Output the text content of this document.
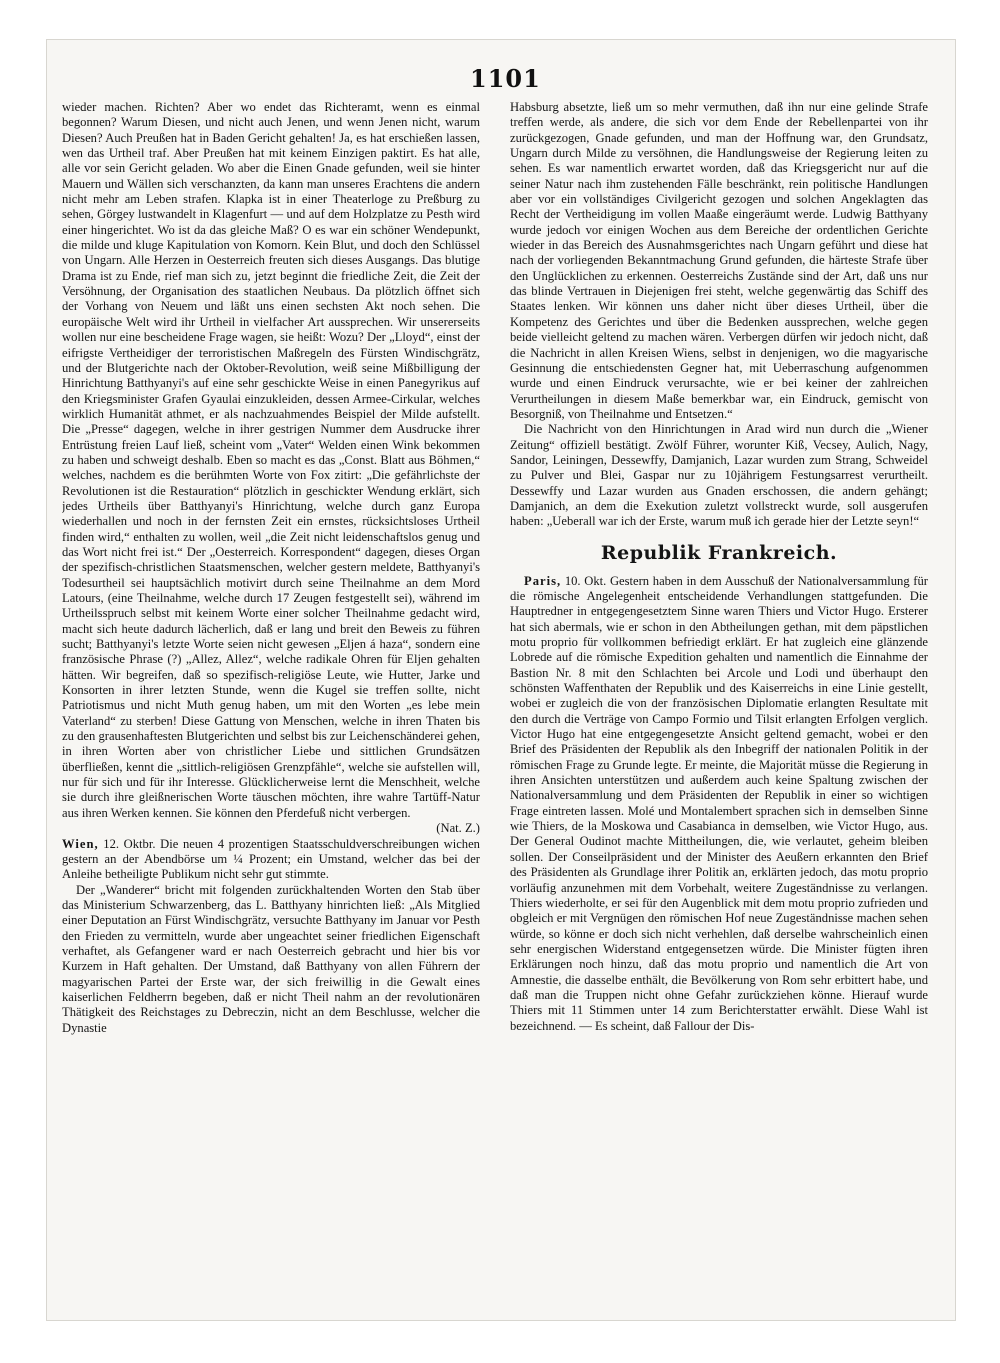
1101

wieder machen. Richten? Aber wo endet das Richteramt, wenn es einmal begonnen? Warum Diesen, und nicht auch Jenen, und wenn Jenen nicht, warum Diesen? Auch Preußen hat in Baden Gericht gehalten! Ja, es hat erschießen lassen, wen das Urtheil traf. Aber Preußen hat mit keinem Einzigen paktirt. Es hat alle, alle vor sein Gericht geladen. Wo aber die Einen Gnade gefunden, weil sie hinter Mauern und Wällen sich verschanzten, da kann man unseres Erachtens die andern nicht mehr am Leben strafen. Klapka ist in einer Theaterloge zu Preßburg zu sehen, Görgey lustwandelt in Klagenfurt — und auf dem Holzplatze zu Pesth wird einer hingerichtet. Wo ist da das gleiche Maß? O es war ein schöner Wendepunkt, die milde und kluge Kapitulation von Komorn. Kein Blut, und doch den Schlüssel von Ungarn. Alle Herzen in Oesterreich freuten sich dieses Ausgangs. Das blutige Drama ist zu Ende, rief man sich zu, jetzt beginnt die friedliche Zeit, die Zeit der Versöhnung, der Organisation des staatlichen Neubaus. Da plötzlich öffnet sich der Vorhang von Neuem und läßt uns einen sechsten Akt noch sehen. Die europäische Welt wird ihr Urtheil in vielfacher Art aussprechen. Wir unsererseits wollen nur eine bescheidene Frage wagen, sie heißt: Wozu? Der „Lloyd“, einst der eifrigste Vertheidiger der terroristischen Maßregeln des Fürsten Windischgrätz, und der Blutgerichte nach der Oktober-Revolution, weiß seine Mißbilligung der Hinrichtung Batthyanyi's auf eine sehr geschickte Weise in einen Panegyrikus auf den Kriegsminister Grafen Gyaulai einzukleiden, dessen Armee-Cirkular, welches wirklich Humanität athmet, er als nachzuahmendes Beispiel der Milde aufstellt. Die „Presse“ dagegen, welche in ihrer gestrigen Nummer dem Ausdrucke ihrer Entrüstung freien Lauf ließ, scheint vom „Vater“ Welden einen Wink bekommen zu haben und schweigt deshalb. Eben so macht es das „Const. Blatt aus Böhmen,“ welches, nachdem es die berühmten Worte von Fox zitirt: „Die gefährlichste der Revolutionen ist die Restauration“ plötzlich in geschickter Wendung erklärt, sich jedes Urtheils über Batthyanyi's Hinrichtung, welche durch ganz Europa wiederhallen und noch in der fernsten Zeit ein ernstes, rücksichtsloses Urtheil finden wird,“ enthalten zu wollen, weil „die Zeit nicht leidenschaftslos genug und das Wort nicht frei ist.“ Der „Oesterreich. Korrespondent“ dagegen, dieses Organ der spezifisch-christlichen Staatsmenschen, welcher gestern meldete, Batthyanyi's Todesurtheil sei hauptsächlich motivirt durch seine Theilnahme an dem Mord Latours, (eine Theilnahme, welche durch 17 Zeugen festgestellt sei), während im Urtheilsspruch selbst mit keinem Worte einer solcher Theilnahme gedacht wird, macht sich heute dadurch lächerlich, daß er lang und breit den Beweis zu führen sucht; Batthyanyi's letzte Worte seien nicht gewesen „Eljen á haza“, sondern eine französische Phrase (?) „Allez, Allez“, welche radikale Ohren für Eljen gehalten hätten. Wir begreifen, daß so spezifisch-religiöse Leute, wie Hutter, Jarke und Konsorten in ihrer letzten Stunde, wenn die Kugel sie treffen sollte, nicht Patriotismus und nicht Muth genug haben, um mit den Worten „es lebe mein Vaterland“ zu sterben! Diese Gattung von Menschen, welche in ihren Thaten bis zu den grausenhaftesten Blutgerichten und selbst bis zur Leichenschänderei gehen, in ihren Worten aber von christlicher Liebe und sittlichen Grundsätzen überfließen, kennt die „sittlich-religiösen Grenzpfähle“, welche sie aufstellen will, nur für sich und für ihr Interesse. Glücklicherweise lernt die Menschheit, welche sie durch ihre gleißnerischen Worte täuschen möchten, ihre wahre Tartüff-Natur aus ihren Werken kennen. Sie können den Pferdefuß nicht verbergen.

(Nat. Z.)

Wien, 12. Oktbr. Die neuen 4 prozentigen Staatsschuldverschreibungen wichen gestern an der Abendbörse um ¼ Prozent; ein Umstand, welcher das bei der Anleihe betheiligte Publikum nicht sehr gut stimmte.

Der „Wanderer“ bricht mit folgenden zurückhaltenden Worten den Stab über das Ministerium Schwarzenberg, das L. Batthyany hinrichten ließ: „Als Mitglied einer Deputation an Fürst Windischgrätz, versuchte Batthyany im Januar vor Pesth den Frieden zu vermitteln, wurde aber ungeachtet seiner friedlichen Eigenschaft verhaftet, als Gefangener ward er nach Oesterreich gebracht und hier bis vor Kurzem in Haft gehalten. Der Umstand, daß Batthyany von allen Führern der magyarischen Partei der Erste war, der sich freiwillig in die Gewalt eines kaiserlichen Feldherrn begeben, daß er nicht Theil nahm an der revolutionären Thätigkeit des Reichstages zu Debreczin, nicht an dem Beschlusse, welcher die Dynastie

Habsburg absetzte, ließ um so mehr vermuthen, daß ihn nur eine gelinde Strafe treffen werde, als andere, die sich vor dem Ende der Rebellenpartei von ihr zurückgezogen, Gnade gefunden, und man der Hoffnung war, den Grundsatz, Ungarn durch Milde zu versöhnen, die Handlungsweise der Regierung leiten zu sehen. Es war namentlich erwartet worden, daß das Kriegsgericht nur auf die seiner Natur nach ihm zustehenden Fälle beschränkt, rein politische Handlungen aber vor ein vollständiges Civilgericht gezogen und solchen Angeklagten das Recht der Vertheidigung im vollen Maaße eingeräumt werde. Ludwig Batthyany wurde jedoch vor einigen Wochen aus dem Bereiche der ordentlichen Gerichte wieder in das Bereich des Ausnahmsgerichtes nach Ungarn geführt und diese hat nach der vorliegenden Bekanntmachung Grund gefunden, die härteste Strafe über den Unglücklichen zu erkennen. Oesterreichs Zustände sind der Art, daß uns nur das blinde Vertrauen in Diejenigen frei steht, welche gegenwärtig das Schiff des Staates lenken. Wir können uns daher nicht über dieses Urtheil, über die Kompetenz des Gerichtes und über die Bedenken aussprechen, welche gegen beide vielleicht geltend zu machen wären. Verbergen dürfen wir jedoch nicht, daß die Nachricht in allen Kreisen Wiens, selbst in denjenigen, wo die magyarische Gesinnung die entschiedensten Gegner hat, mit Ueberraschung aufgenommen wurde und einen Eindruck verursachte, wie er bei keiner der zahlreichen Verurtheilungen in diesem Maße bemerkbar war, ein Eindruck, gemischt von Besorgniß, von Theilnahme und Entsetzen.“

Die Nachricht von den Hinrichtungen in Arad wird nun durch die „Wiener Zeitung“ offiziell bestätigt. Zwölf Führer, worunter Kiß, Vecsey, Aulich, Nagy, Sandor, Leiningen, Dessewffy, Damjanich, Lazar wurden zum Strang, Schweidel zu Pulver und Blei, Gaspar nur zu 10jährigem Festungsarrest verurtheilt. Dessewffy und Lazar wurden aus Gnaden erschossen, die andern gehängt; Damjanich, an dem die Exekution zuletzt vollstreckt wurde, soll ausgerufen haben: „Ueberall war ich der Erste, warum muß ich gerade hier der Letzte seyn!“

Republik Frankreich.

Paris, 10. Okt. Gestern haben in dem Ausschuß der Nationalversammlung für die römische Angelegenheit entscheidende Verhandlungen stattgefunden. Die Hauptredner in entgegengesetztem Sinne waren Thiers und Victor Hugo. Ersterer hat sich abermals, wie er schon in den Abtheilungen gethan, mit dem päpstlichen motu proprio für vollkommen befriedigt erklärt. Er hat zugleich eine glänzende Lobrede auf die römische Expedition gehalten und namentlich die Einnahme der Bastion Nr. 8 mit den Schlachten bei Arcole und Lodi und überhaupt den schönsten Waffenthaten der Republik und des Kaiserreichs in eine Linie gestellt, wobei er zugleich die von der französischen Diplomatie erlangten Resultate mit den durch die Verträge von Campo Formio und Tilsit erlangten Erfolgen verglich. Victor Hugo hat eine entgegengesetzte Ansicht geltend gemacht, wobei er den Brief des Präsidenten der Republik als den Inbegriff der nationalen Politik in der römischen Frage zu Grunde legte. Er meinte, die Majorität müsse die Regierung in ihren Ansichten unterstützen und außerdem auch keine Spaltung zwischen der Nationalversammlung und dem Präsidenten der Republik in einer so wichtigen Frage eintreten lassen. Molé und Montalembert sprachen sich in demselben Sinne wie Thiers, de la Moskowa und Casabianca in demselben, wie Victor Hugo, aus. Der General Oudinot machte Mittheilungen, die, wie verlautet, geheim bleiben sollen. Der Conseilpräsident und der Minister des Aeußern erkannten den Brief des Präsidenten als Grundlage ihrer Politik an, erklärten jedoch, das motu proprio vorläufig anzunehmen mit dem Vorbehalt, weitere Zugeständnisse zu verlangen. Thiers wiederholte, er sei für den Augenblick mit dem motu proprio zufrieden und obgleich er mit Vergnügen den römischen Hof neue Zugeständnisse machen sehen würde, so könne er doch sich nicht verhehlen, daß derselbe wahrscheinlich einen sehr energischen Widerstand entgegensetzen würde. Die Minister fügten ihren Erklärungen noch hinzu, daß das motu proprio und namentlich die Art von Amnestie, die dasselbe enthält, die Bevölkerung von Rom sehr erbittert habe, und daß man die Truppen nicht ohne Gefahr zurückziehen könne. Hierauf wurde Thiers mit 11 Stimmen unter 14 zum Berichterstatter erwählt. Diese Wahl ist bezeichnend. — Es scheint, daß Fallour der Dis-
